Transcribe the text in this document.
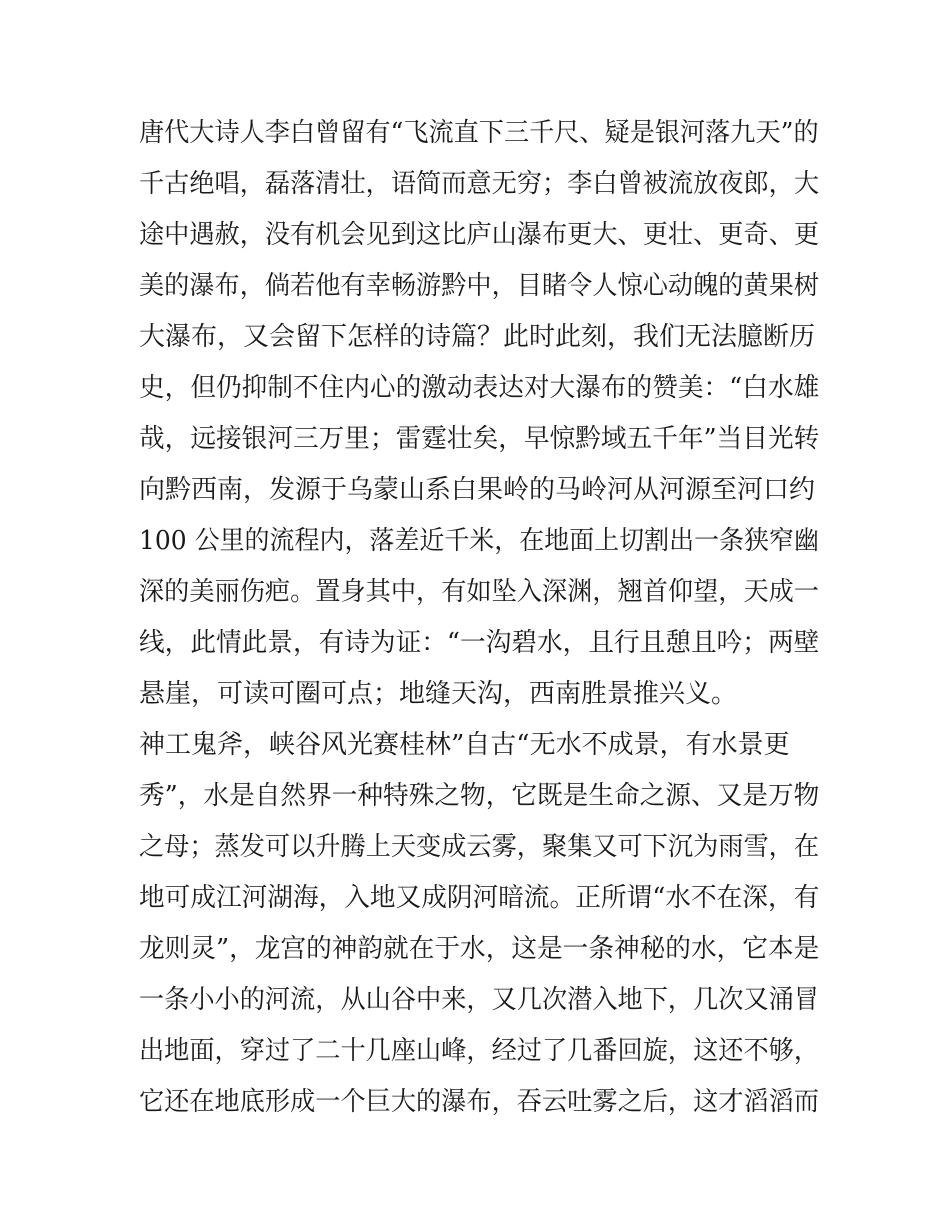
唐代大诗人李白曾留有“飞流直下三千尺、疑是银河落九天”的
千古绝唱，磊落清壮，语简而意无穷；李白曾被流放夜郎，大
途中遇赦，没有机会见到这比庐山瀑布更大、更壮、更奇、更
美的瀑布，倘若他有幸畅游黔中，目睹令人惊心动魄的黄果树
大瀑布，又会留下怎样的诗篇？此时此刻，我们无法臆断历
史，但仍抑制不住内心的激动表达对大瀑布的赞美：“白水雄
哉，远接银河三万里；雷霆壮矣，早惊黔域五千年”当目光转
向黔西南，发源于乌蒙山系白果岭的马岭河从河源至河口约
100 公里的流程内，落差近千米，在地面上切割出一条狭窄幽
深的美丽伤疤。置身其中，有如坠入深渊，翘首仰望，天成一
线，此情此景，有诗为证：“一沟碧水，且行且憩且吟；两壁
悬崖，可读可圈可点；地缝天沟，西南胜景推兴义。
神工鬼斧，峡谷风光赛桂林”自古“无水不成景，有水景更
秀”，水是自然界一种特殊之物，它既是生命之源、又是万物
之母；蒸发可以升腾上天变成云雾，聚集又可下沉为雨雪，在
地可成江河湖海，入地又成阴河暗流。正所谓“水不在深，有
龙则灵”，龙宫的神韵就在于水，这是一条神秘的水，它本是
一条小小的河流，从山谷中来，又几次潜入地下，几次又涌冒
出地面，穿过了二十几座山峰，经过了几番回旋，这还不够，
它还在地底形成一个巨大的瀑布，吞云吐雾之后，这才滔滔而
